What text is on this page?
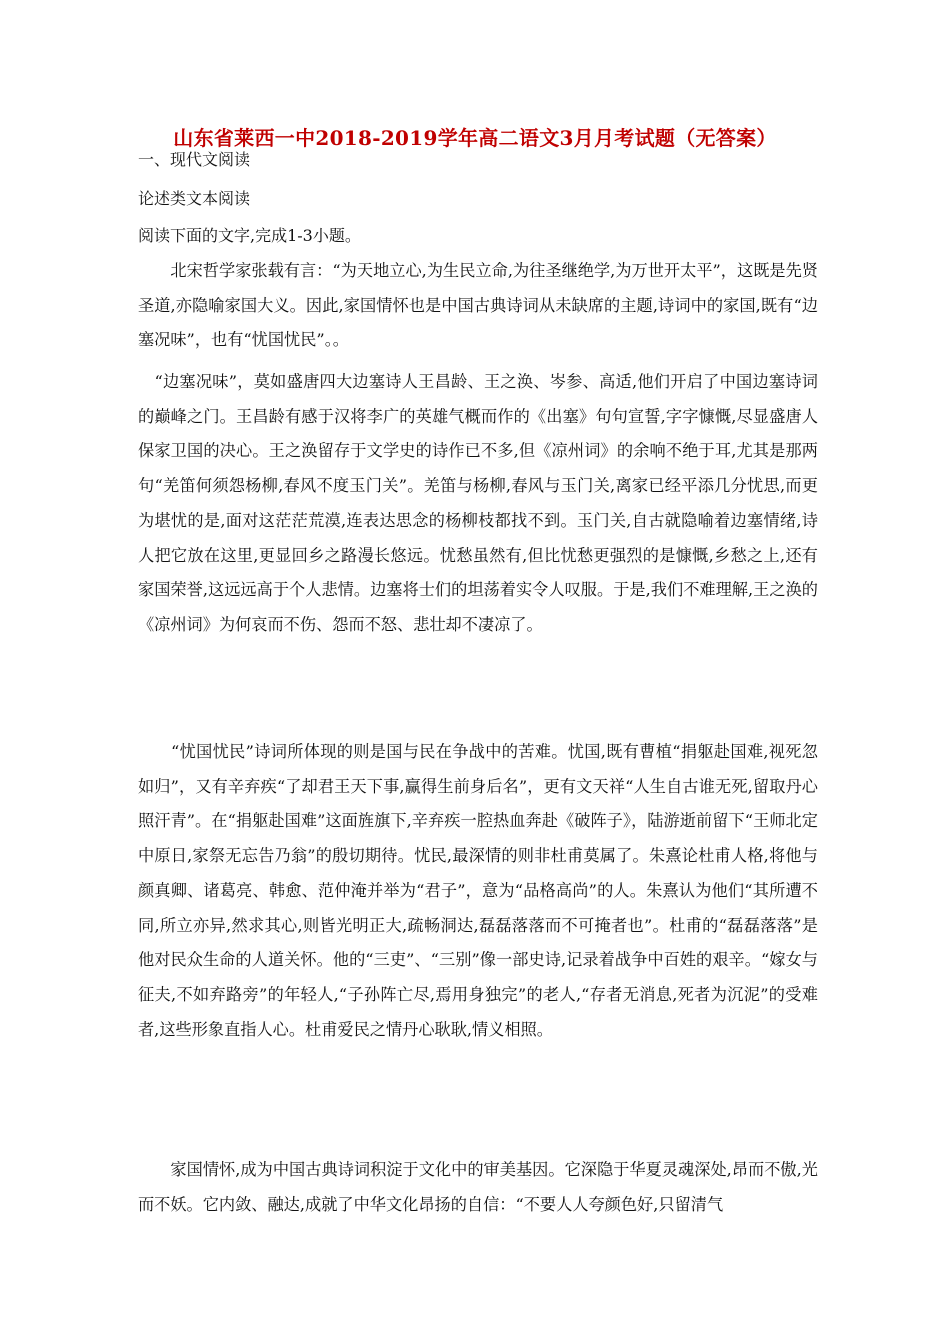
山东省莱西一中2018-2019学年高二语文3月月考试题（无答案）
一、现代文阅读
论述类文本阅读
阅读下面的文字,完成1-3小题。

　　北宋哲学家张载有言：“为天地立心,为生民立命,为往圣继绝学,为万世开太平”，这既是先贤圣道,亦隐喻家国大义。因此,家国情怀也是中国古典诗词从未缺席的主题,诗词中的家国,既有“边塞况味”，也有“忧国忧民”。。

　“边塞况味”，莫如盛唐四大边塞诗人王昌龄、王之涣、岑参、高适,他们开启了中国边塞诗词的巅峰之门。王昌龄有感于汉将李广的英雄气概而作的《出塞》句句宣誓,字字慷慨,尽显盛唐人保家卫国的决心。王之涣留存于文学史的诗作已不多,但《凉州词》的余响不绝于耳,尤其是那两句“羌笛何须怨杨柳,春风不度玉门关”。羌笛与杨柳,春风与玉门关,离家已经平添几分忧思,而更为堪忧的是,面对这茫茫荒漠,连表达思念的杨柳枝都找不到。玉门关,自古就隐喻着边塞情绪,诗人把它放在这里,更显回乡之路漫长悠远。忧愁虽然有,但比忧愁更强烈的是慷慨,乡愁之上,还有家国荣誉,这远远高于个人悲情。边塞将士们的坦荡着实令人叹服。于是,我们不难理解,王之涣的《凉州词》为何哀而不伤、怨而不怒、悲壮却不凄凉了。

　　“忧国忧民”诗词所体现的则是国与民在争战中的苦难。忧国,既有曹植“捐躯赴国难,视死忽如归”，又有辛弃疾“了却君王天下事,赢得生前身后名”，更有文天祥“人生自古谁无死,留取丹心照汗青”。在“捐躯赴国难”这面旌旗下,辛弃疾一腔热血奔赴《破阵子》，陆游逝前留下“王师北定中原日,家祭无忘告乃翁”的殷切期待。忧民,最深情的则非杜甫莫属了。朱熹论杜甫人格,将他与颜真卿、诸葛亮、韩愈、范仲淹并举为“君子”，意为“品格高尚”的人。朱熹认为他们“其所遭不同,所立亦异,然求其心,则皆光明正大,疏畅洞达,磊磊落落而不可掩者也”。杜甫的“磊磊落落”是他对民众生命的人道关怀。他的“三吏”、“三别”像一部史诗,记录着战争中百姓的艰辛。“嫁女与征夫,不如弃路旁”的年轻人,“子孙阵亡尽,焉用身独完”的老人,“存者无消息,死者为沉泥”的受难者,这些形象直指人心。杜甫爱民之情丹心耿耿,情义相照。

　　家国情怀,成为中国古典诗词积淀于文化中的审美基因。它深隐于华夏灵魂深处,昂而不傲,光而不妖。它内敛、融达,成就了中华文化昂扬的自信：“不要人人夸颜色好,只留清气
